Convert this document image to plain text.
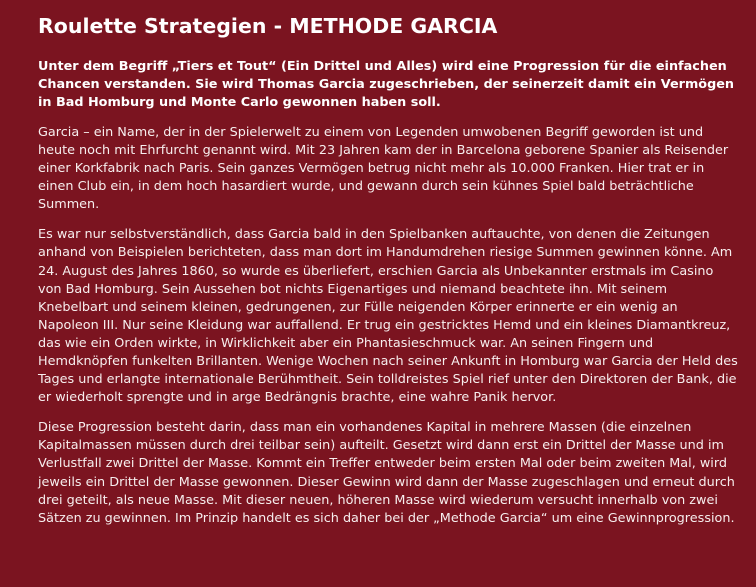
Roulette Strategien - METHODE GARCIA

Unter dem Begriff „Tiers et Tout“ (Ein Drittel und Alles) wird eine Progression für die einfachen Chancen verstanden. Sie wird Thomas Garcia zugeschrieben, der seinerzeit damit ein Vermögen in Bad Homburg und Monte Carlo gewonnen haben soll.

Garcia – ein Name, der in der Spielerwelt zu einem von Legenden umwobenen Begriff geworden ist und heute noch mit Ehrfurcht genannt wird. Mit 23 Jahren kam der in Barcelona geborene Spanier als Reisender einer Korkfabrik nach Paris. Sein ganzes Vermögen betrug nicht mehr als 10.000 Franken. Hier trat er in einen Club ein, in dem hoch hasardiert wurde, und gewann durch sein kühnes Spiel bald beträchtliche Summen.

Es war nur selbstverständlich, dass Garcia bald in den Spielbanken auftauchte, von denen die Zeitungen anhand von Beispielen berichteten, dass man dort im Handumdrehen riesige Summen gewinnen könne. Am 24. August des Jahres 1860, so wurde es überliefert, erschien Garcia als Unbekannter erstmals im Casino von Bad Homburg. Sein Aussehen bot nichts Eigenartiges und niemand beachtete ihn. Mit seinem Knebelbart und seinem kleinen, gedrungenen, zur Fülle neigenden Körper erinnerte er ein wenig an Napoleon III. Nur seine Kleidung war auffallend. Er trug ein gestricktes Hemd und ein kleines Diamantkreuz, das wie ein Orden wirkte, in Wirklichkeit aber ein Phantasieschmuck war. An seinen Fingern und Hemdknöpfen funkelten Brillanten. Wenige Wochen nach seiner Ankunft in Homburg war Garcia der Held des Tages und erlangte internationale Berühmtheit. Sein tolldreistes Spiel rief unter den Direktoren der Bank, die er wiederholt sprengte und in arge Bedrängnis brachte, eine wahre Panik hervor.

Diese Progression besteht darin, dass man ein vorhandenes Kapital in mehrere Massen (die einzelnen Kapitalmassen müssen durch drei teilbar sein) aufteilt. Gesetzt wird dann erst ein Drittel der Masse und im Verlustfall zwei Drittel der Masse. Kommt ein Treffer entweder beim ersten Mal oder beim zweiten Mal, wird jeweils ein Drittel der Masse gewonnen. Dieser Gewinn wird dann der Masse zugeschlagen und erneut durch drei geteilt, als neue Masse. Mit dieser neuen, höheren Masse wird wiederum versucht innerhalb von zwei Sätzen zu gewinnen. Im Prinzip handelt es sich daher bei der „Methode Garcia“ um eine Gewinnprogression.
